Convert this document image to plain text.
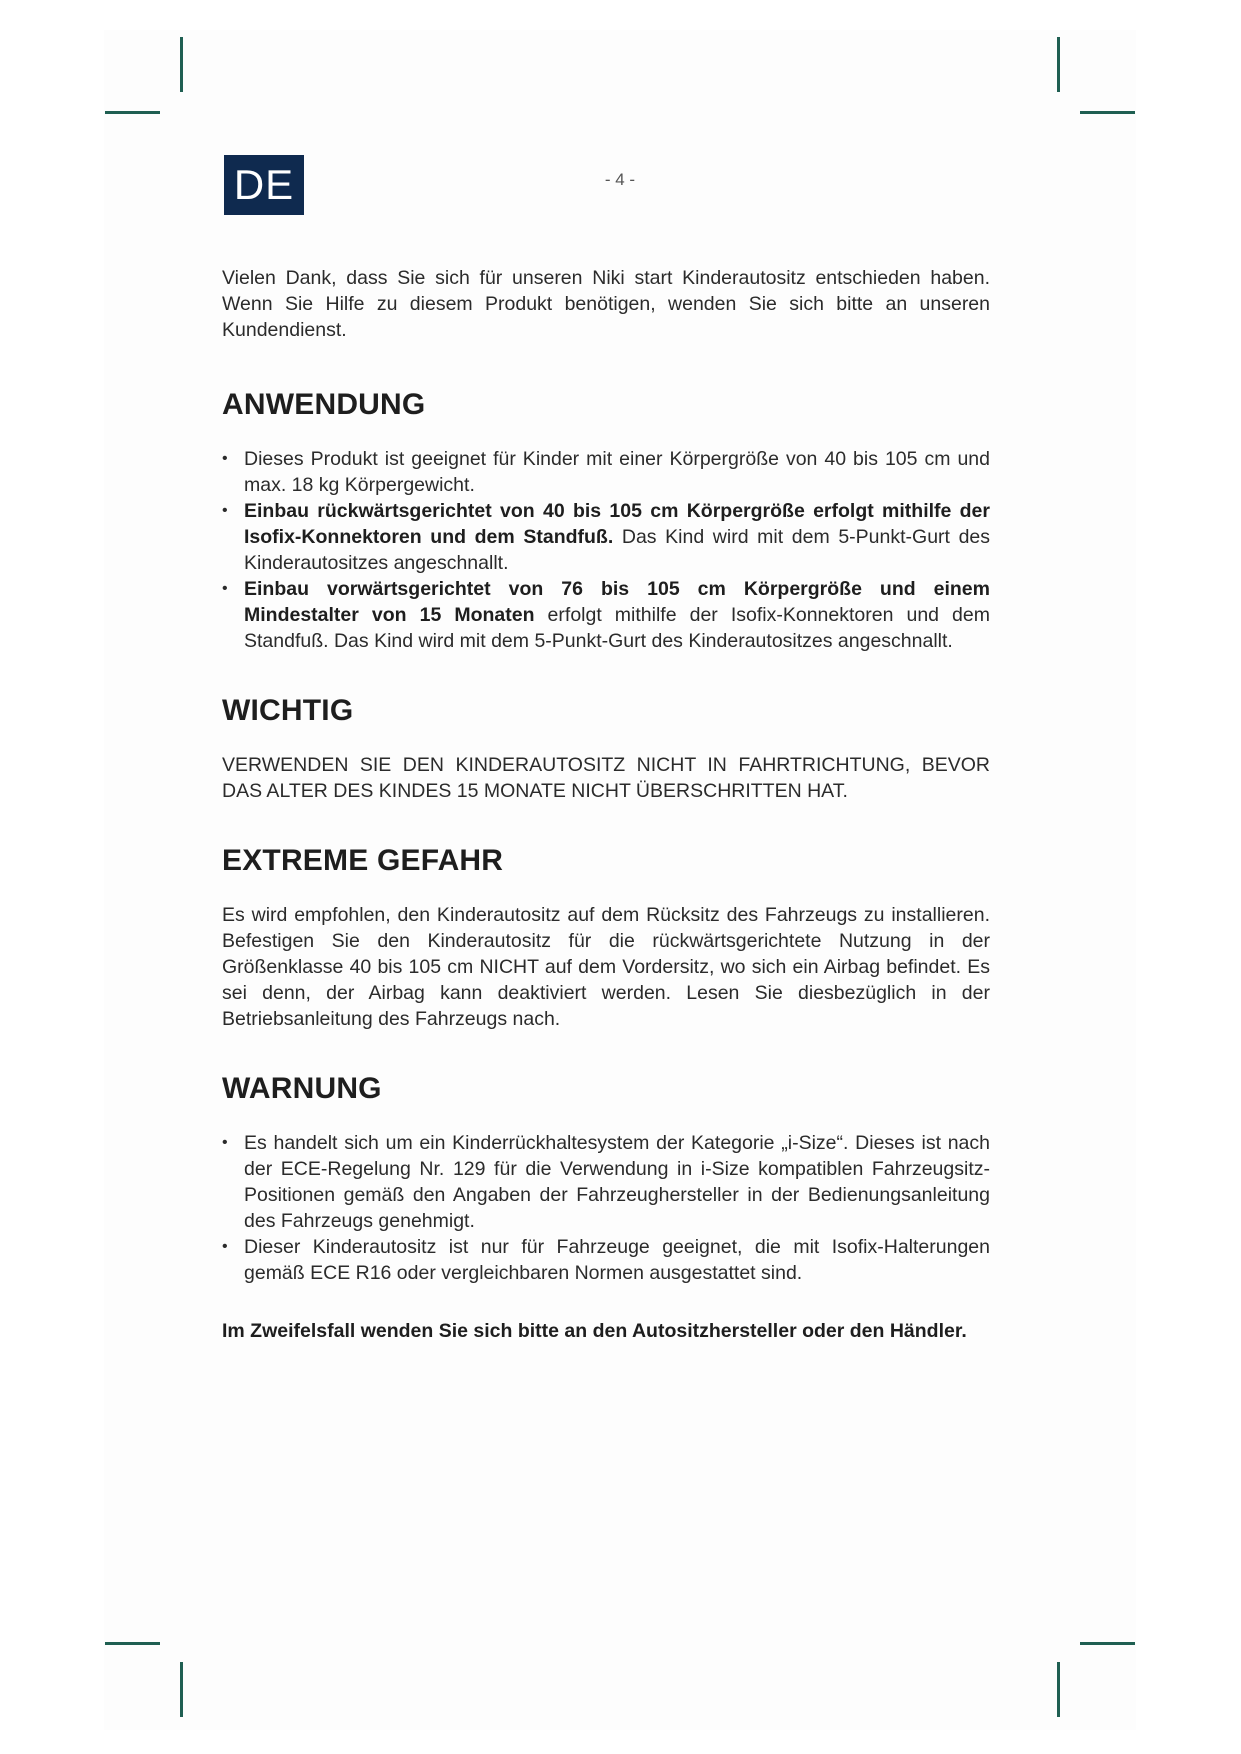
DE	- 4 -

Vielen Dank, dass Sie sich für unseren Niki start Kinderautositz entschieden haben. Wenn Sie Hilfe zu diesem Produkt benötigen, wenden Sie sich bitte an unseren Kundendienst.

ANWENDUNG
• Dieses Produkt ist geeignet für Kinder mit einer Körpergröße von 40 bis 105 cm und max. 18 kg Körpergewicht.
• Einbau rückwärtsgerichtet von 40 bis 105 cm Körpergröße erfolgt mithilfe der Isofix-Konnektoren und dem Standfuß. Das Kind wird mit dem 5-Punkt-Gurt des Kinderautositzes angeschnallt.
• Einbau vorwärtsgerichtet von 76 bis 105 cm Körpergröße und einem Mindestalter von 15 Monaten erfolgt mithilfe der Isofix-Konnektoren und dem Standfuß. Das Kind wird mit dem 5-Punkt-Gurt des Kinderautositzes angeschnallt.
WICHTIG

VERWENDEN SIE DEN KINDERAUTOSITZ NICHT IN FAHRTRICHTUNG, BEVOR DAS ALTER DES KINDES 15 MONATE NICHT ÜBERSCHRITTEN HAT.

EXTREME GEFAHR

Es wird empfohlen, den Kinderautositz auf dem Rücksitz des Fahrzeugs zu installieren. Befestigen Sie den Kinderautositz für die rückwärtsgerichtete Nutzung in der Größenklasse 40 bis 105 cm NICHT auf dem Vordersitz, wo sich ein Airbag befindet. Es sei denn, der Airbag kann deaktiviert werden. Lesen Sie diesbezüglich in der Betriebsanleitung des Fahrzeugs nach.

WARNUNG
• Es handelt sich um ein Kinderrückhaltesystem der Kategorie „i-Size“. Dieses ist nach der ECE-Regelung Nr. 129 für die Verwendung in i-Size kompatiblen Fahrzeugsitz-Positionen gemäß den Angaben der Fahrzeughersteller in der Bedienungsanleitung des Fahrzeugs genehmigt.
• Dieser Kinderautositz ist nur für Fahrzeuge geeignet, die mit Isofix-Halterungen gemäß ECE R16 oder vergleichbaren Normen ausgestattet sind.

Im Zweifelsfall wenden Sie sich bitte an den Autositzhersteller oder den Händler.
